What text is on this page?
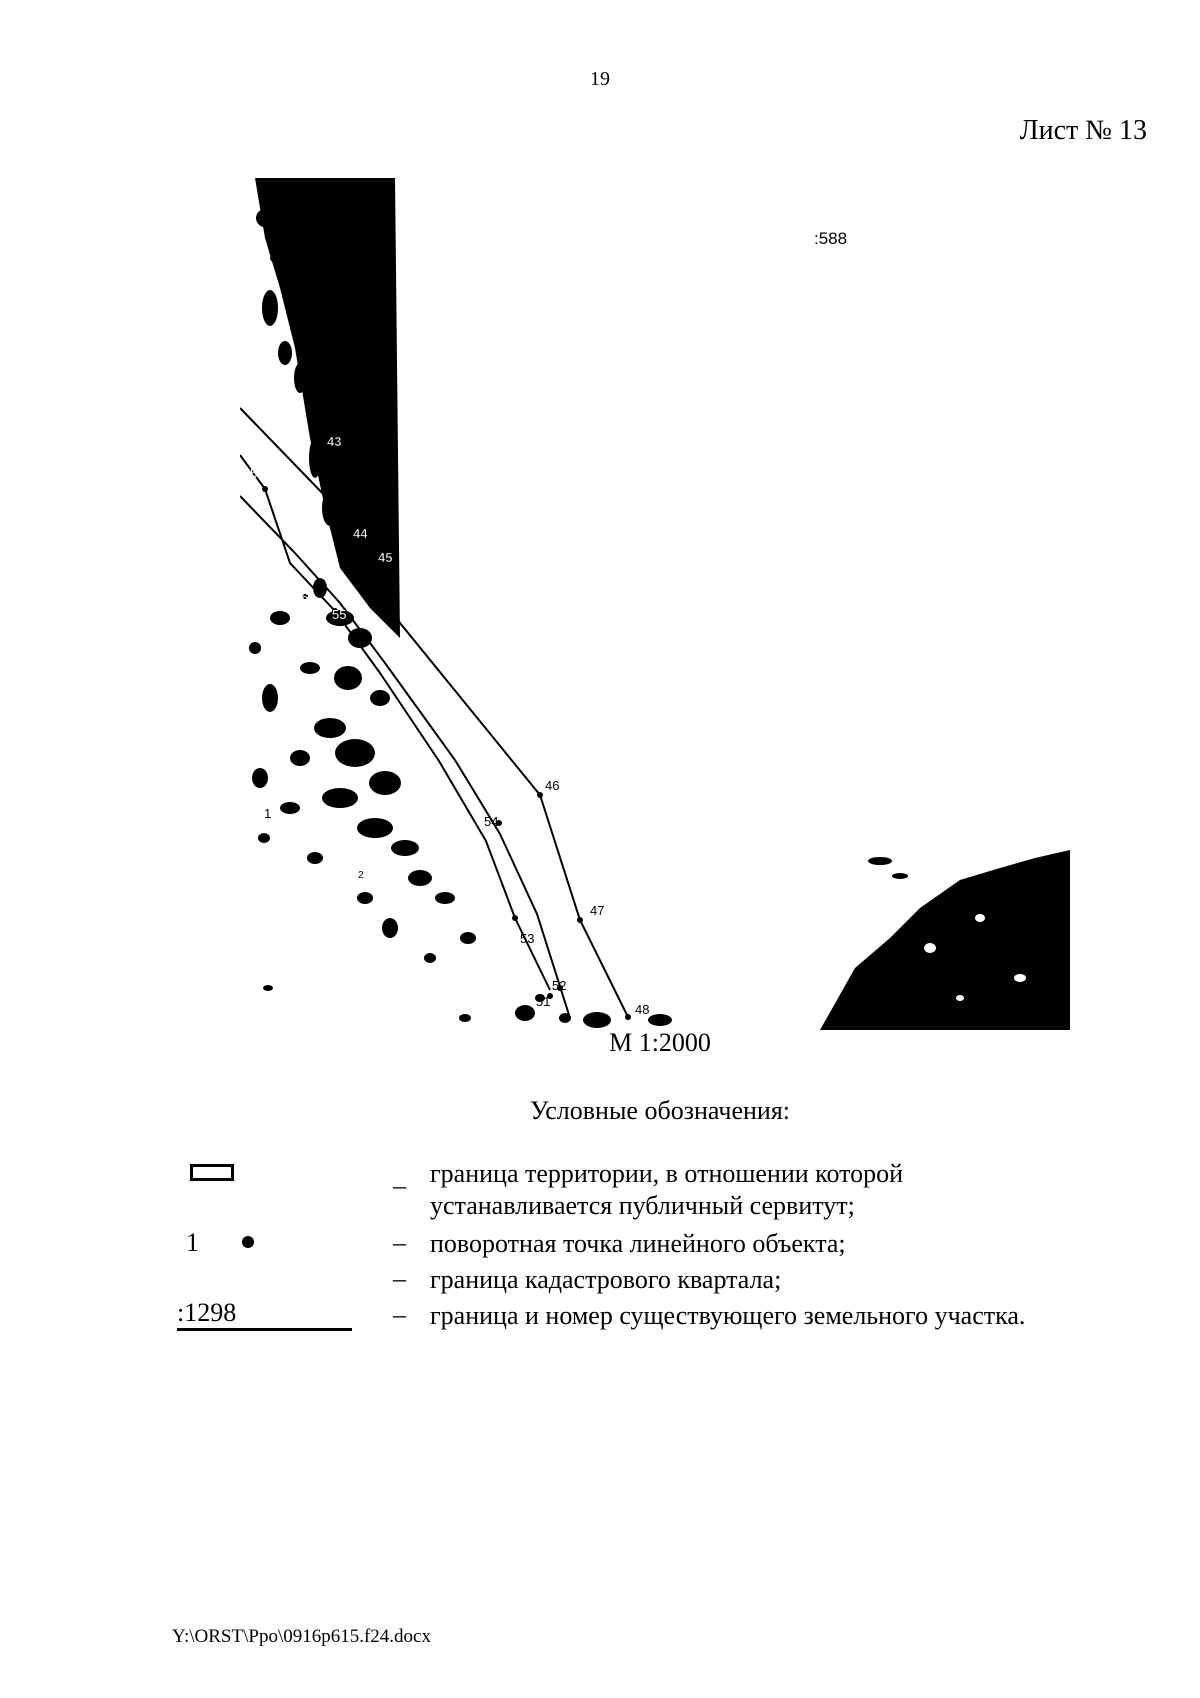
19
Лист № 13
43
44
45
46
47
48
51
52
53
54
55
56
57
1
2
:588
М 1:2000
Условные обозначения:
_ граница территории, в отношении которой
устанавливается публичный сервитут;
1	– поворотная точка линейного объекта;
– граница кадастрового квартала;
:1298	– граница и номер существующего земельного участка.
Y:\ORST\Ppo\0916p615.f24.docx
